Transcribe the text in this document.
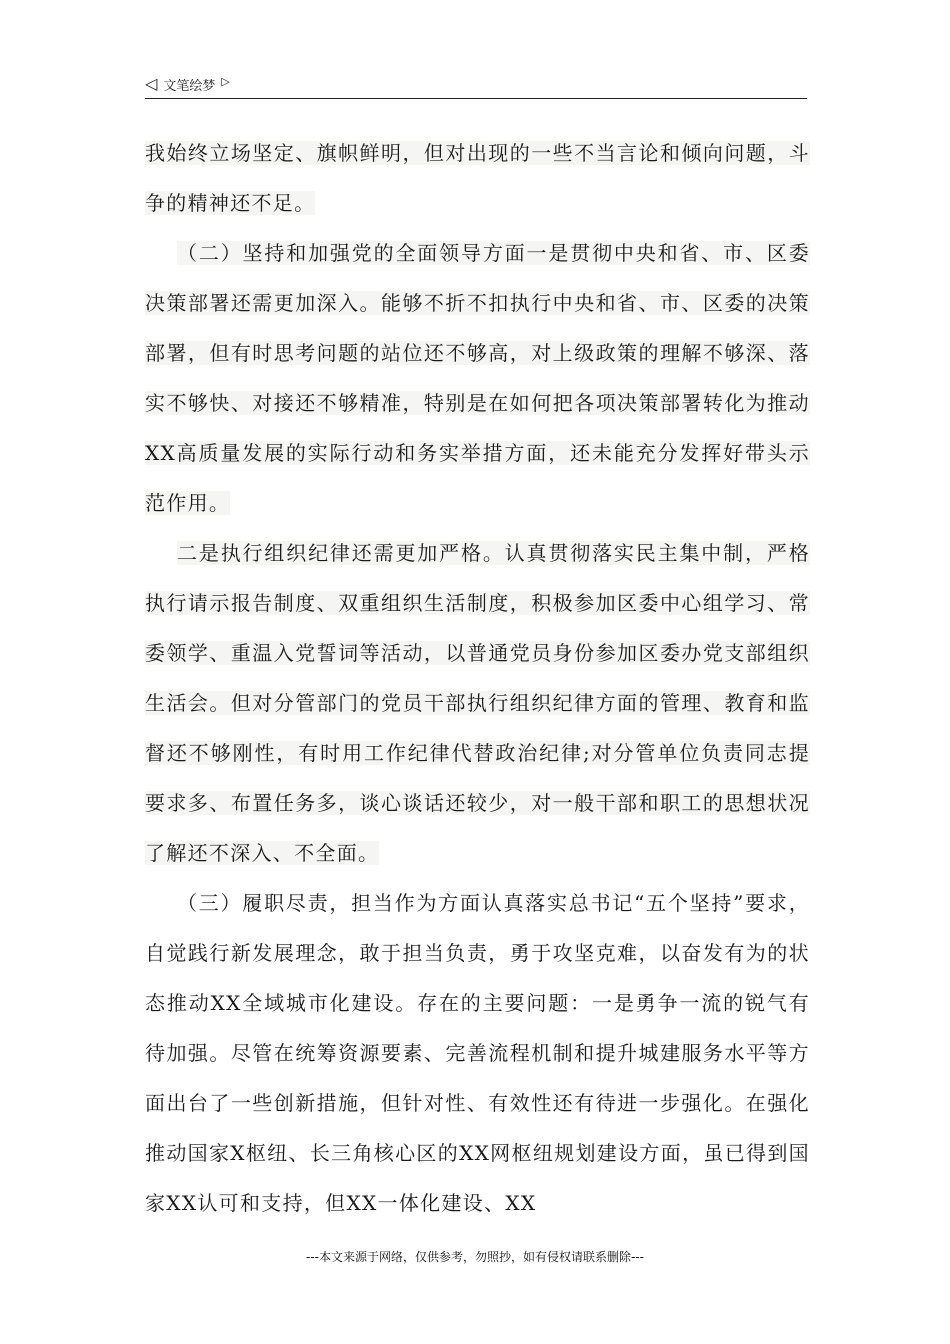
◁ 文笔绘梦 ▷

我始终立场坚定、旗帜鲜明，但对出现的一些不当言论和倾向问题，斗争的精神还不足。

（二）坚持和加强党的全面领导方面一是贯彻中央和省、市、区委决策部署还需更加深入。能够不折不扣执行中央和省、市、区委的决策部署，但有时思考问题的站位还不够高，对上级政策的理解不够深、落实不够快、对接还不够精准，特别是在如何把各项决策部署转化为推动XX高质量发展的实际行动和务实举措方面，还未能充分发挥好带头示范作用。

二是执行组织纪律还需更加严格。认真贯彻落实民主集中制，严格执行请示报告制度、双重组织生活制度，积极参加区委中心组学习、常委领学、重温入党誓词等活动，以普通党员身份参加区委办党支部组织生活会。但对分管部门的党员干部执行组织纪律方面的管理、教育和监督还不够刚性，有时用工作纪律代替政治纪律;对分管单位负责同志提要求多、布置任务多，谈心谈话还较少，对一般干部和职工的思想状况了解还不深入、不全面。

（三）履职尽责，担当作为方面认真落实总书记“五个坚持”要求，自觉践行新发展理念，敢于担当负责，勇于攻坚克难，以奋发有为的状态推动XX全域城市化建设。存在的主要问题：一是勇争一流的锐气有待加强。尽管在统筹资源要素、完善流程机制和提升城建服务水平等方面出台了一些创新措施，但针对性、有效性还有待进一步强化。在强化推动国家X枢纽、长三角核心区的XX网枢纽规划建设方面，虽已得到国家XX认可和支持，但XX一体化建设、XX

---本文来源于网络，仅供参考，勿照抄，如有侵权请联系删除---
